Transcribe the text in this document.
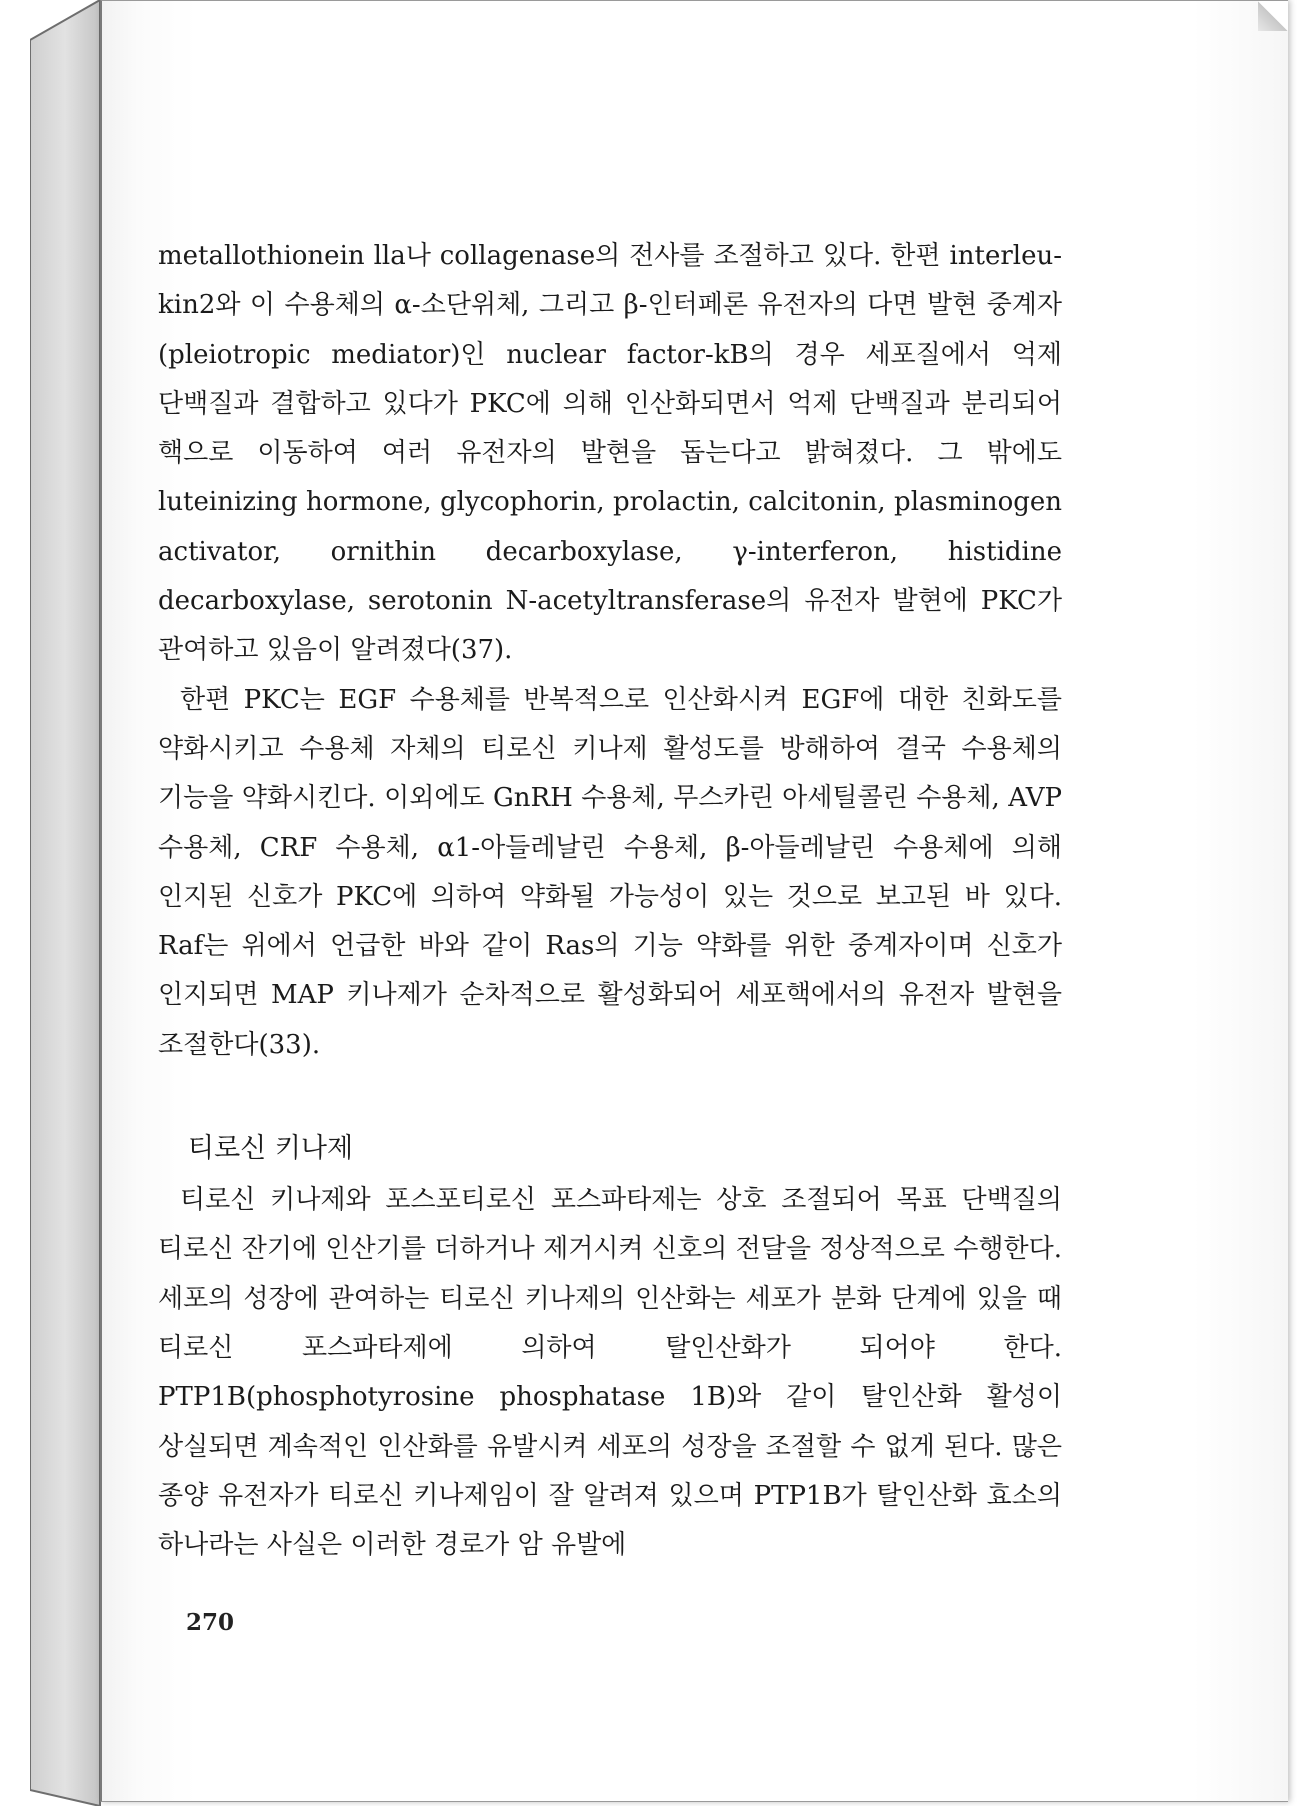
metallothionein lla나 collagenase의 전사를 조절하고 있다. 한편 interleu-kin2와 이 수용체의 α-소단위체, 그리고 β-인터페론 유전자의 다면 발현 중계자(pleiotropic mediator)인 nuclear factor-kB의 경우 세포질에서 억제 단백질과 결합하고 있다가 PKC에 의해 인산화되면서 억제 단백질과 분리되어 핵으로 이동하여 여러 유전자의 발현을 돕는다고 밝혀졌다. 그 밖에도 luteinizing hormone, glycophorin, prolactin, calcitonin, plasminogen activator, ornithin decarboxylase, γ-interferon, histidine decarboxylase, serotonin N-acetyltransferase의 유전자 발현에 PKC가 관여하고 있음이 알려졌다(37).

한편 PKC는 EGF 수용체를 반복적으로 인산화시켜 EGF에 대한 친화도를 약화시키고 수용체 자체의 티로신 키나제 활성도를 방해하여 결국 수용체의 기능을 약화시킨다. 이외에도 GnRH 수용체, 무스카린 아세틸콜린 수용체, AVP 수용체, CRF 수용체, α1-아들레날린 수용체, β-아들레날린 수용체에 의해 인지된 신호가 PKC에 의하여 약화될 가능성이 있는 것으로 보고된 바 있다. Raf는 위에서 언급한 바와 같이 Ras의 기능 약화를 위한 중계자이며 신호가 인지되면 MAP 키나제가 순차적으로 활성화되어 세포핵에서의 유전자 발현을 조절한다(33).

티로신 키나제

티로신 키나제와 포스포티로신 포스파타제는 상호 조절되어 목표 단백질의 티로신 잔기에 인산기를 더하거나 제거시켜 신호의 전달을 정상적으로 수행한다. 세포의 성장에 관여하는 티로신 키나제의 인산화는 세포가 분화 단계에 있을 때 티로신 포스파타제에 의하여 탈인산화가 되어야 한다. PTP1B(phosphotyrosine phosphatase 1B)와 같이 탈인산화 활성이 상실되면 계속적인 인산화를 유발시켜 세포의 성장을 조절할 수 없게 된다. 많은 종양 유전자가 티로신 키나제임이 잘 알려져 있으며 PTP1B가 탈인산화 효소의 하나라는 사실은 이러한 경로가 암 유발에

270
